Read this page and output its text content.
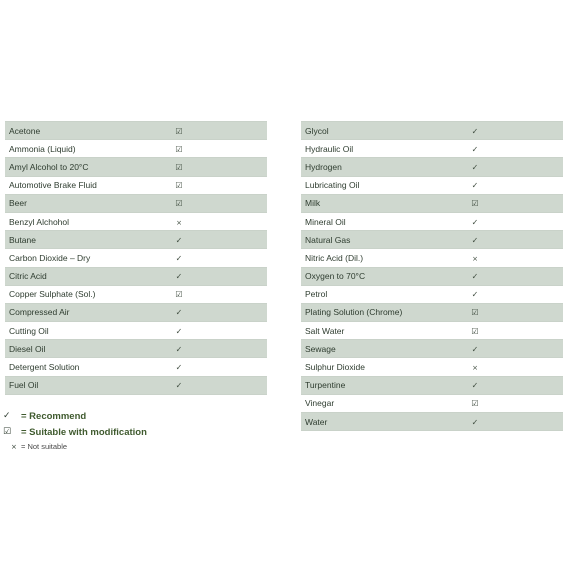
Acetone	☑
Ammonia (Liquid)	☑
Amyl Alcohol to 20°C	☑
Automotive Brake Fluid	☑
Beer	☑
Benzyl Alchohol	×
Butane	✓
Carbon Dioxide – Dry	✓
Citric Acid	✓
Copper Sulphate (Sol.)	☑
Compressed Air	✓
Cutting Oil	✓
Diesel Oil	✓
Detergent Solution	✓
Fuel Oil	✓
Glycol	✓
Hydraulic Oil	✓
Hydrogen	✓
Lubricating Oil	✓
Milk	☑
Mineral Oil	✓
Natural Gas	✓
Nitric Acid (Dil.)	×
Oxygen to 70°C	✓
Petrol	✓
Plating Solution (Chrome)	☑
Salt Water	☑
Sewage	✓
Sulphur Dioxide	×
Turpentine	✓
Vinegar	☑
Water	✓
✓	= Recommend
☑	= Suitable with modification
× = Not suitable
